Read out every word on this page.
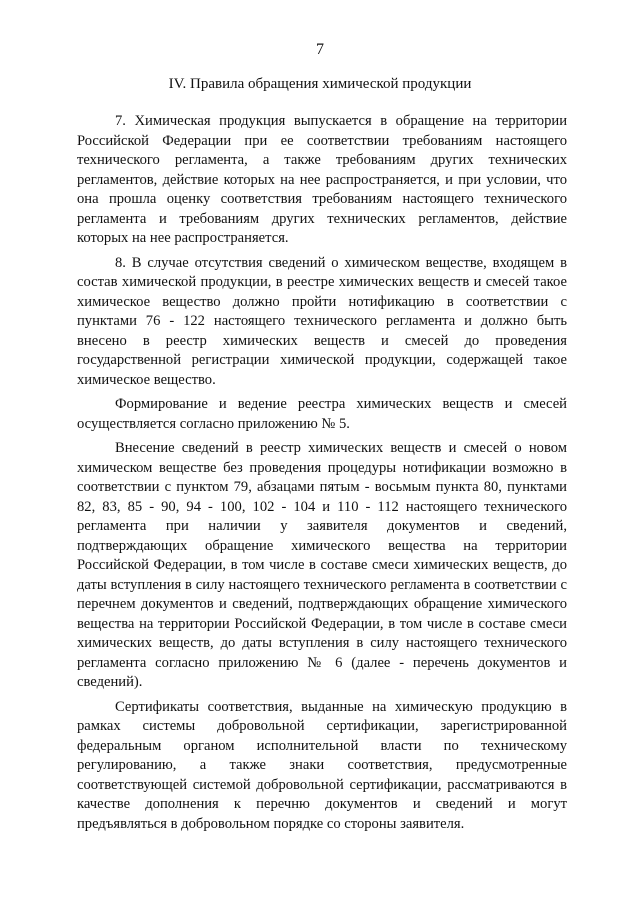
7
IV. Правила обращения химической продукции

7. Химическая продукция выпускается в обращение на территории Российской Федерации при ее соответствии требованиям настоящего технического регламента, а также требованиям других технических регламентов, действие которых на нее распространяется, и при условии, что она прошла оценку соответствия требованиям настоящего технического регламента и требованиям других технических регламентов, действие которых на нее распространяется.

8. В случае отсутствия сведений о химическом веществе, входящем в состав химической продукции, в реестре химических веществ и смесей такое химическое вещество должно пройти нотификацию в соответствии с пунктами 76 - 122 настоящего технического регламента и должно быть внесено в реестр химических веществ и смесей до проведения государственной регистрации химической продукции, содержащей такое химическое вещество.

Формирование и ведение реестра химических веществ и смесей осуществляется согласно приложению № 5.

Внесение сведений в реестр химических веществ и смесей о новом химическом веществе без проведения процедуры нотификации возможно в соответствии с пунктом 79, абзацами пятым - восьмым пункта 80, пунктами 82, 83, 85 - 90, 94 - 100, 102 - 104 и 110 - 112 настоящего технического регламента при наличии у заявителя документов и сведений, подтверждающих обращение химического вещества на территории Российской Федерации, в том числе в составе смеси химических веществ, до даты вступления в силу настоящего технического регламента в соответствии с перечнем документов и сведений, подтверждающих обращение химического вещества на территории Российской Федерации, в том числе в составе смеси химических веществ, до даты вступления в силу настоящего технического регламента согласно приложению № 6 (далее - перечень документов и сведений).

Сертификаты соответствия, выданные на химическую продукцию в рамках системы добровольной сертификации, зарегистрированной федеральным органом исполнительной власти по техническому регулированию, а также знаки соответствия, предусмотренные соответствующей системой добровольной сертификации, рассматриваются в качестве дополнения к перечню документов и сведений и могут предъявляться в добровольном порядке со стороны заявителя.
